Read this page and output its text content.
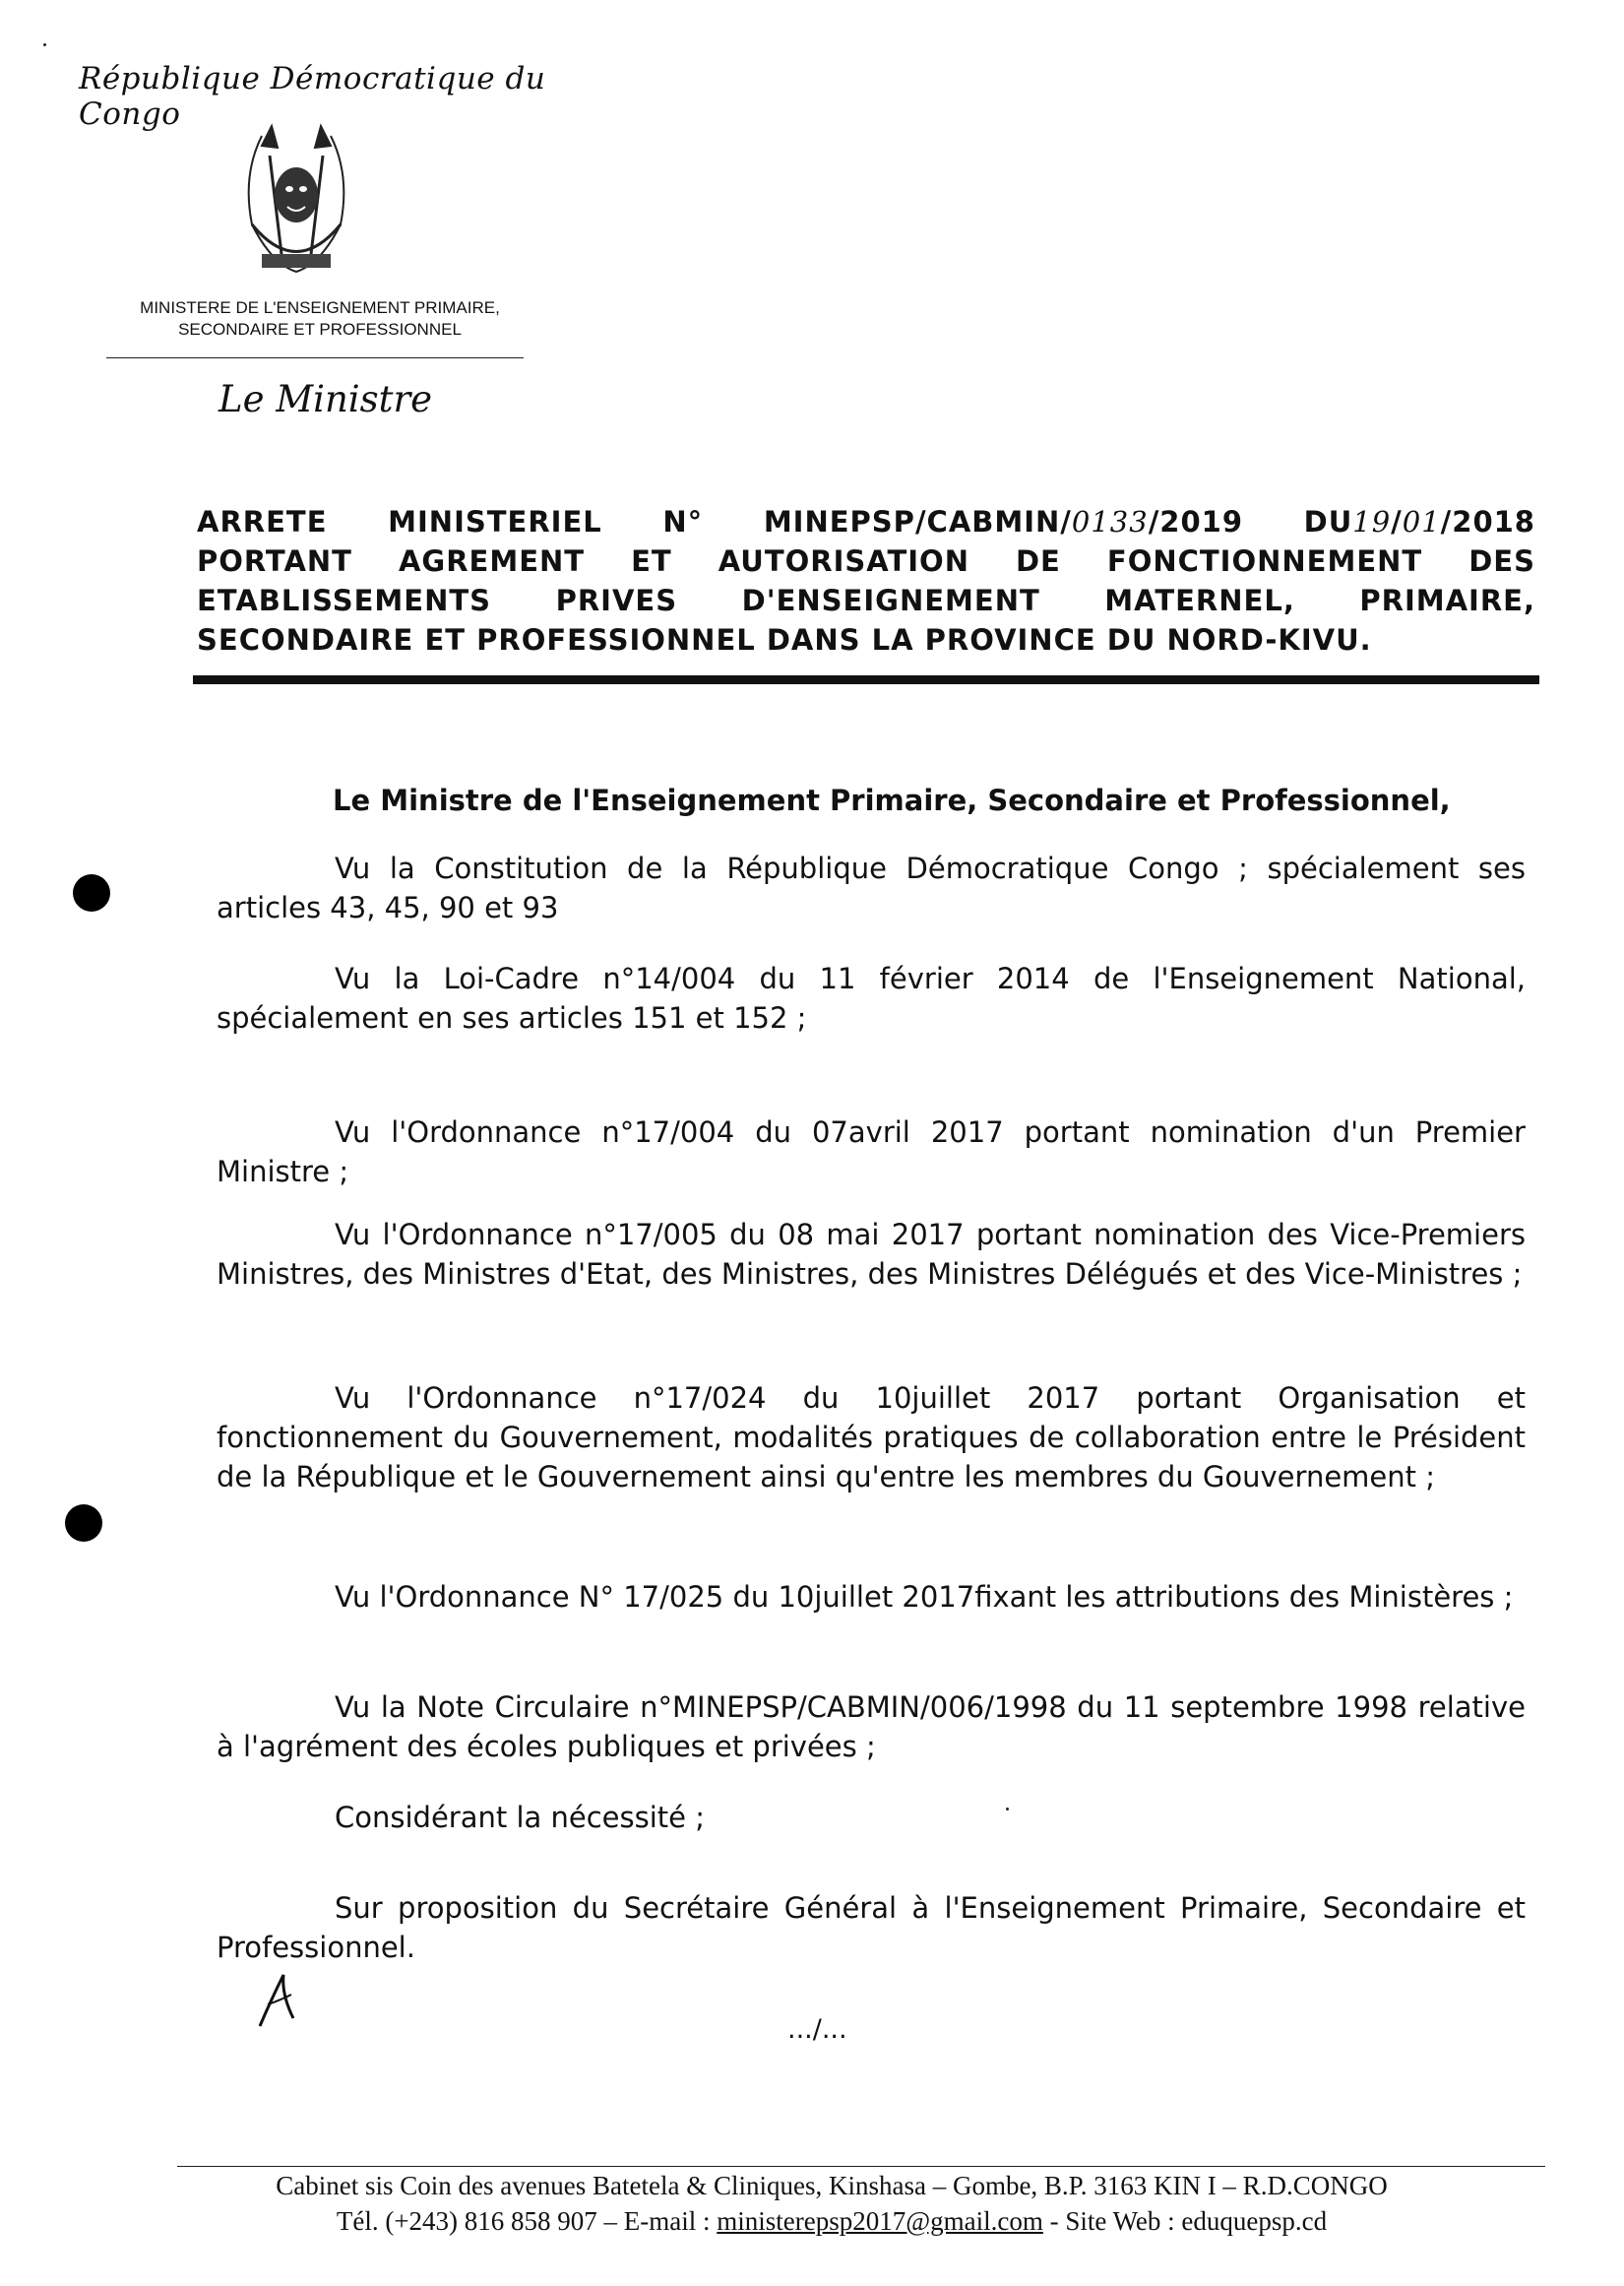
République Démocratique du Congo
MINISTERE DE L'ENSEIGNEMENT PRIMAIRE,
SECONDAIRE ET PROFESSIONNEL
Le Ministre
ARRETE MINISTERIEL N° MINEPSP/CABMIN/0133/2019 DU19/01/2018
PORTANT AGREMENT ET AUTORISATION DE FONCTIONNEMENT DES
ETABLISSEMENTS PRIVES D'ENSEIGNEMENT MATERNEL, PRIMAIRE,
SECONDAIRE ET PROFESSIONNEL DANS LA PROVINCE DU NORD-KIVU.
Le Ministre de l'Enseignement Primaire, Secondaire et Professionnel,
Vu la Constitution de la République Démocratique Congo ; spécialement ses articles 43, 45, 90 et 93
Vu la Loi-Cadre n°14/004 du 11 février 2014 de l'Enseignement National, spécialement en ses articles 151 et 152 ;
Vu l'Ordonnance n°17/004 du 07avril 2017 portant nomination d'un Premier Ministre ;
Vu l'Ordonnance n°17/005 du 08 mai 2017 portant nomination des Vice-Premiers Ministres, des Ministres d'Etat, des Ministres, des Ministres Délégués et des Vice-Ministres ;
Vu l'Ordonnance n°17/024 du 10juillet 2017 portant Organisation et fonctionnement du Gouvernement, modalités pratiques de collaboration entre le Président de la République et le Gouvernement ainsi qu'entre les membres du Gouvernement ;
Vu l'Ordonnance N° 17/025 du 10juillet 2017fixant les attributions des Ministères ;
Vu la Note Circulaire n°MINEPSP/CABMIN/006/1998 du 11 septembre 1998 relative à l'agrément des écoles publiques et privées ;
Considérant la nécessité ;
Sur proposition du Secrétaire Général à l'Enseignement Primaire, Secondaire et Professionnel.
.../...
Cabinet sis Coin des avenues Batetela & Cliniques, Kinshasa – Gombe, B.P. 3163 KIN I – R.D.CONGO
Tél. (+243) 816 858 907 – E-mail : ministerepsp2017@gmail.com - Site Web : eduquepsp.cd
